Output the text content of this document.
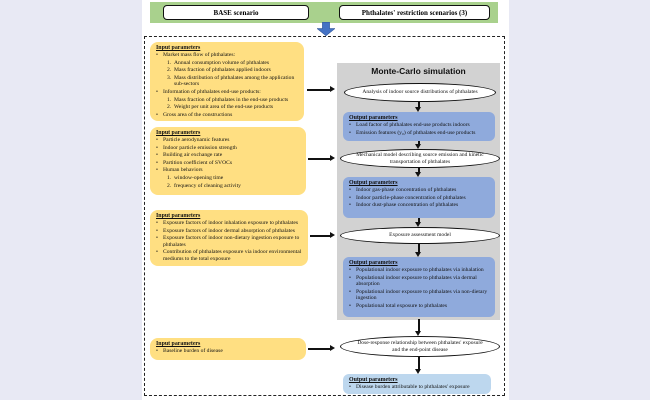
BASE scenario	Phthalates' restriction scenarios (3)
Monte-Carlo simulation
Input parameters
• Market mass flow of phthalates:
1. Annual consumption volume of phthalates
2. Mass fraction of phthalates applied indoors
3. Mass distribution of phthalates among the application sub-sectors
• Information of phthalates end-use products:
1. Mass fraction of phthalates in the end-use products
2. Weight per unit area of the end-use products
• Gross area of the constructions
Input parameters
• Particle aerodynamic features
• Indoor particle emission strength
• Building air exchange rate
• Partition coefficient of SVOCs
• Human behaviors
1. window-opening time
2. frequency of cleaning activity
Input parameters
• Exposure factors of indoor inhalation exposure to phthalates
• Exposure factors of indoor dermal absorption of phthalates
• Exposure factors of indoor non-dietary ingestion exposure to phthalates
• Contribution of phthalates exposure via indoor environmental mediums to the total exposure
Input parameters
• Baseline burden of disease
Analysis of indoor source distributions of phthalates
Mechanical model describing source emission and kinetic transportation of phthalates
Exposure assessment model
Dose-response relationship between phthalates' exposure and the end-point disease
Output parameters
• Load factor of phthalates end-use products indoors
• Emission features (y₀) of phthalates end-use products
Output parameters
• Indoor gas-phase concentration of phthalates
• Indoor particle-phase concentration of phthalates
• Indoor dust-phase concentration of phthalates
Output parameters
• Populational indoor exposure to phthalates via inhalation
• Populational indoor exposure to phthalates via dermal absorption
• Populational indoor exposure to phthalates via non-dietary ingestion
• Populational total exposure to phthalates
Output parameters
• Disease burden attributable to phthalates' exposure
